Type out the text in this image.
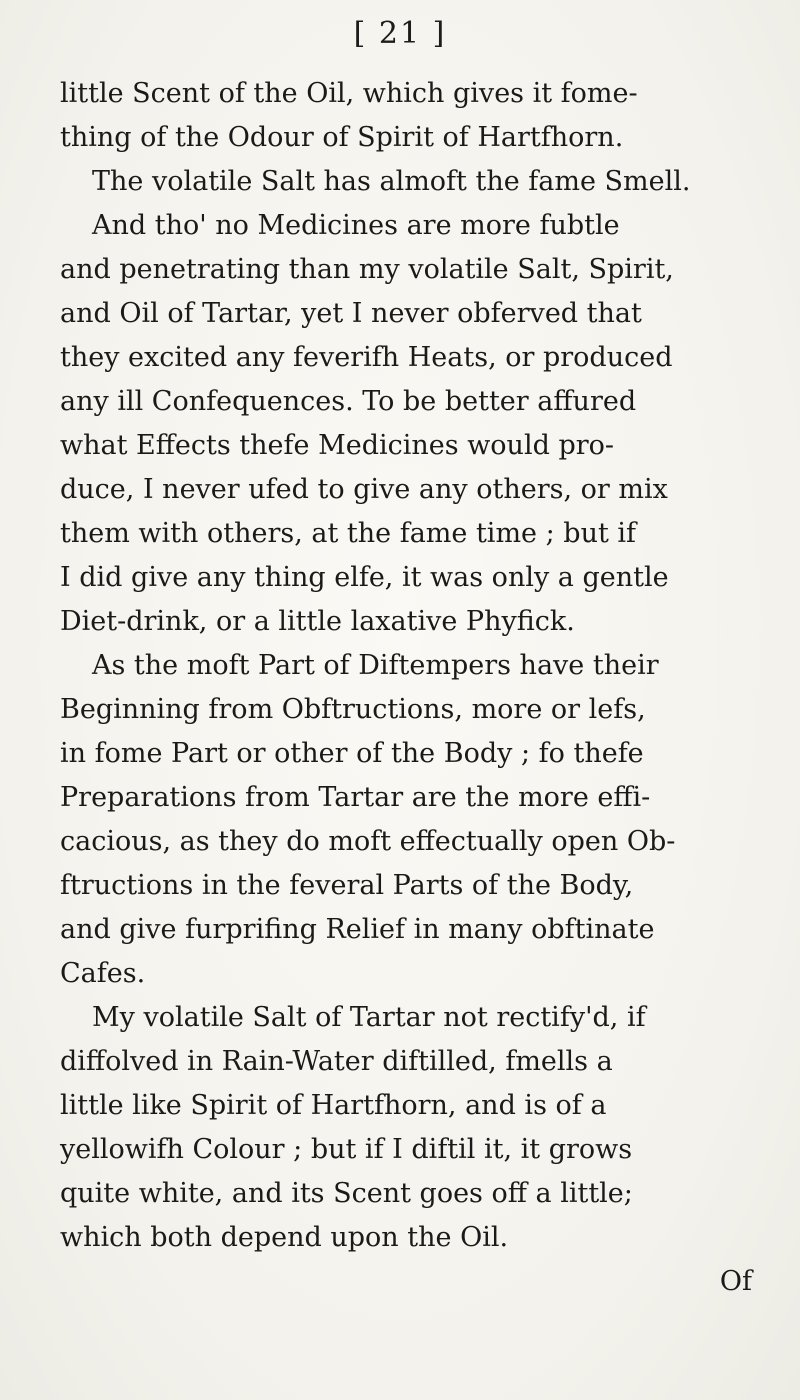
[ 21 ]
little Scent of the Oil, which gives it fome-
thing of the Odour of Spirit of Hartfhorn.
The volatile Salt has almoft the fame Smell.
And tho' no Medicines are more fubtle
and penetrating than my volatile Salt, Spirit,
and Oil of Tartar, yet I never obferved that
they excited any feverifh Heats, or produced
any ill Confequences. To be better affured
what Effects thefe Medicines would pro-
duce, I never ufed to give any others, or mix
them with others, at the fame time ; but if
I did give any thing elfe, it was only a gentle
Diet-drink, or a little laxative Phyfick.
As the moft Part of Diftempers have their
Beginning from Obftructions, more or lefs,
in fome Part or other of the Body ; fo thefe
Preparations from Tartar are the more effi-
cacious, as they do moft effectually open Ob-
ftructions in the feveral Parts of the Body,
and give furprifing Relief in many obftinate
Cafes.
My volatile Salt of Tartar not rectify'd, if
diffolved in Rain-Water diftilled, fmells a
little like Spirit of Hartfhorn, and is of a
yellowifh Colour ; but if I diftil it, it grows
quite white, and its Scent goes off a little;
which both depend upon the Oil.
Of
